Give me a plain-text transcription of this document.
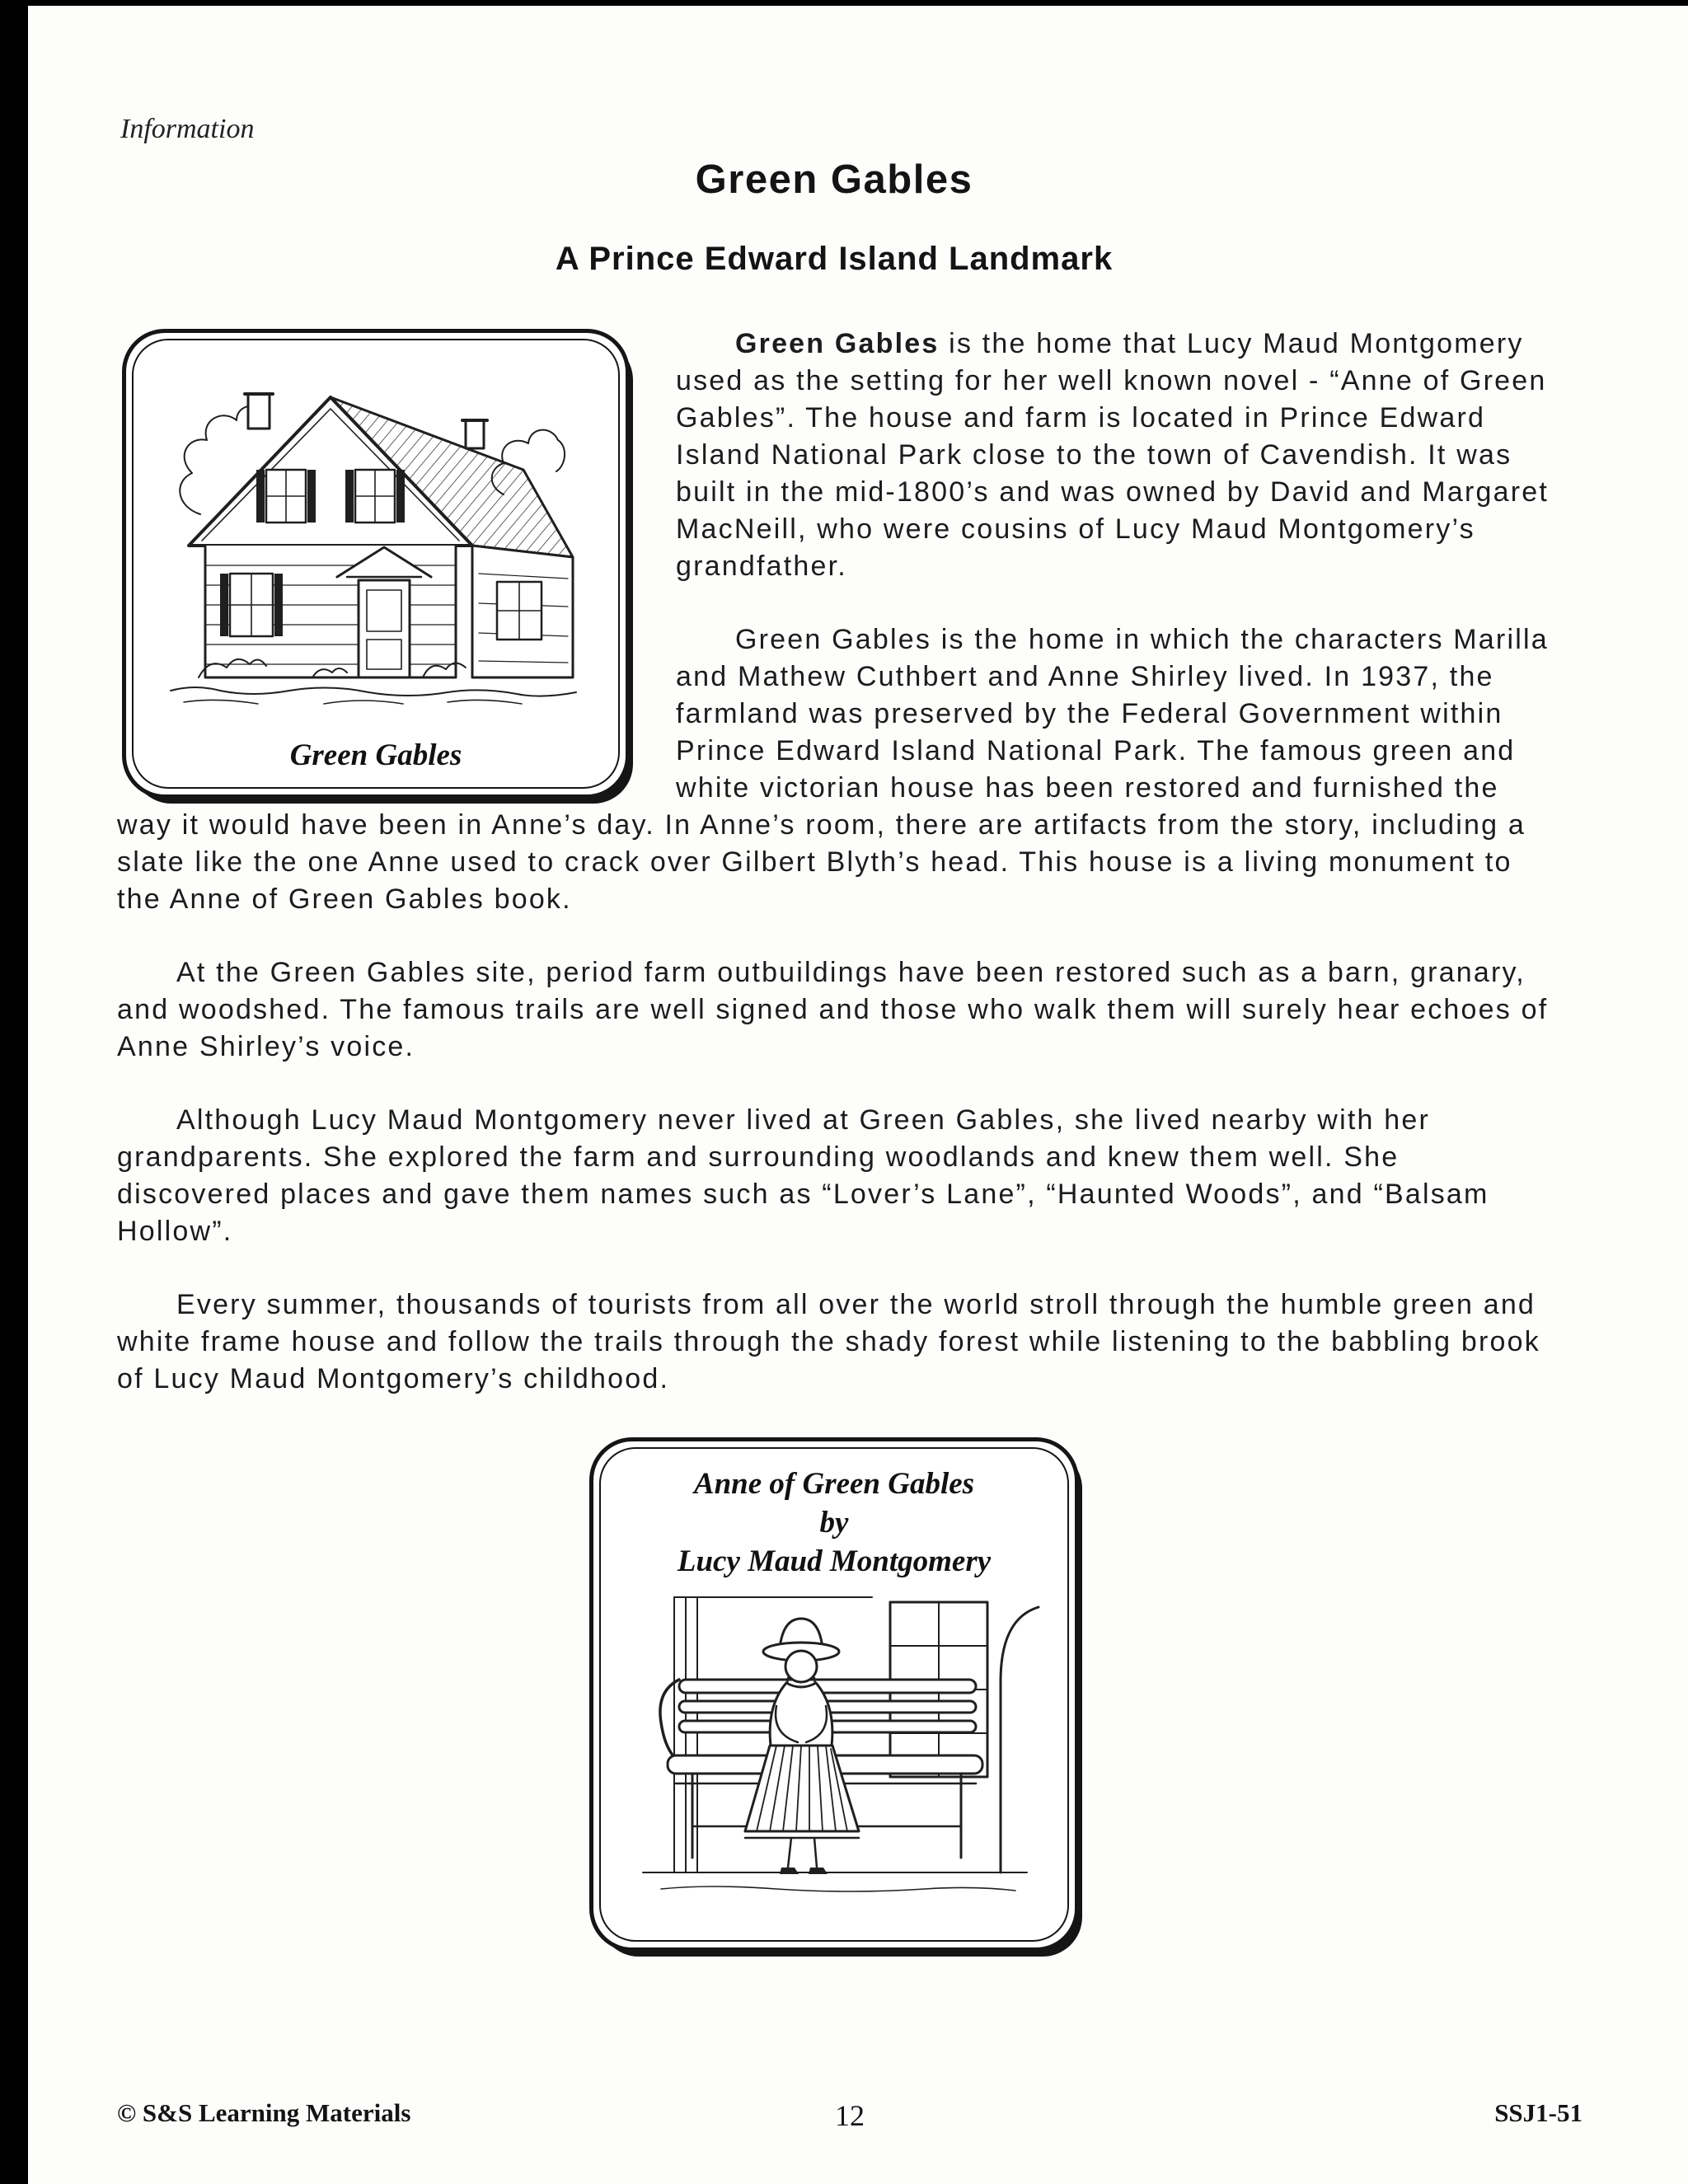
Information
Green Gables
A Prince Edward Island Landmark
Green Gables

Green Gables is the home that Lucy Maud Montgomery used as the setting for her well known novel - “Anne of Green Gables”. The house and farm is located in Prince Edward Island National Park close to the town of Cavendish. It was built in the mid-1800’s and was owned by David and Margaret MacNeill, who were cousins of Lucy Maud Montgomery’s grandfather.

Green Gables is the home in which the characters Marilla and Mathew Cuthbert and Anne Shirley lived. In 1937, the farmland was preserved by the Federal Government within Prince Edward Island National Park. The famous green and white victorian house has been restored and furnished the way it would have been in Anne’s day. In Anne’s room, there are artifacts from the story, including a slate like the one Anne used to crack over Gilbert Blyth’s head. This house is a living monument to the Anne of Green Gables book.

At the Green Gables site, period farm outbuildings have been restored such as a barn, granary, and woodshed. The famous trails are well signed and those who walk them will surely hear echoes of Anne Shirley’s voice.

Although Lucy Maud Montgomery never lived at Green Gables, she lived nearby with her grandparents. She explored the farm and surrounding woodlands and knew them well. She discovered places and gave them names such as “Lover’s Lane”, “Haunted Woods”, and “Balsam Hollow”.

Every summer, thousands of tourists from all over the world stroll through the humble green and white frame house and follow the trails through the shady forest while listening to the babbling brook of Lucy Maud Montgomery’s childhood.

Anne of Green Gables
by
Lucy Maud Montgomery
© S&S Learning Materials	12	SSJ1-51
